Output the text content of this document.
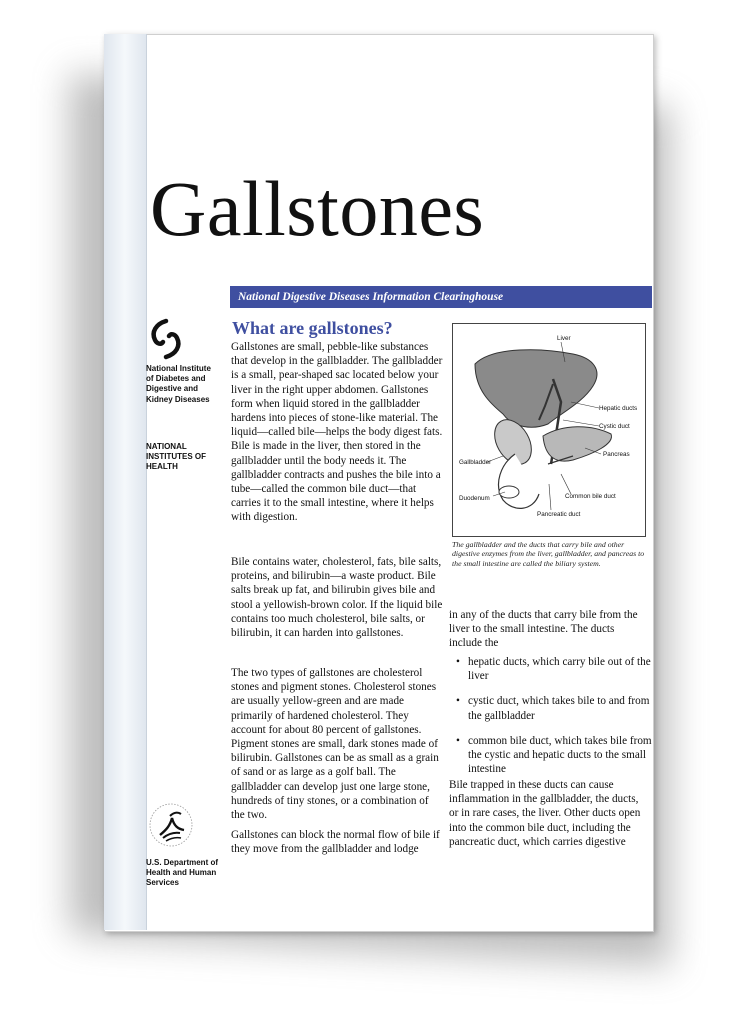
Gallstones
National Digestive Diseases Information Clearinghouse
National Institute of Diabetes and Digestive and Kidney Diseases
NATIONAL INSTITUTES OF HEALTH
U.S. Department of Health and Human Services
What are gallstones?

Gallstones are small, pebble-like substances that develop in the gallbladder. The gallbladder is a small, pear-shaped sac located below your liver in the right upper abdomen. Gallstones form when liquid stored in the gallbladder hardens into pieces of stone-like material. The liquid—called bile—helps the body digest fats. Bile is made in the liver, then stored in the gallbladder until the body needs it. The gallbladder contracts and pushes the bile into a tube—called the common bile duct—that carries it to the small intestine, where it helps with digestion.

Bile contains water, cholesterol, fats, bile salts, proteins, and bilirubin—a waste product. Bile salts break up fat, and bilirubin gives bile and stool a yellowish-brown color. If the liquid bile contains too much cholesterol, bile salts, or bilirubin, it can harden into gallstones.

The two types of gallstones are cholesterol stones and pigment stones. Cholesterol stones are usually yellow-green and are made primarily of hardened cholesterol. They account for about 80 percent of gallstones. Pigment stones are small, dark stones made of bilirubin. Gallstones can be as small as a grain of sand or as large as a golf ball. The gallbladder can develop just one large stone, hundreds of tiny stones, or a combination of the two.

Gallstones can block the normal flow of bile if they move from the gallbladder and lodge

Liver
Hepatic ducts
Cystic duct
Gallbladder
Pancreas
Duodenum	Common bile duct
Pancreatic duct

The gallbladder and the ducts that carry bile and other digestive enzymes from the liver, gallbladder, and pancreas to the small intestine are called the biliary system.

in any of the ducts that carry bile from the liver to the small intestine. The ducts include the

• hepatic ducts, which carry bile out of the liver
• cystic duct, which takes bile to and from the gallbladder
• common bile duct, which takes bile from the cystic and hepatic ducts to the small intestine

Bile trapped in these ducts can cause inflammation in the gallbladder, the ducts, or in rare cases, the liver. Other ducts open into the common bile duct, including the pancreatic duct, which carries digestive
